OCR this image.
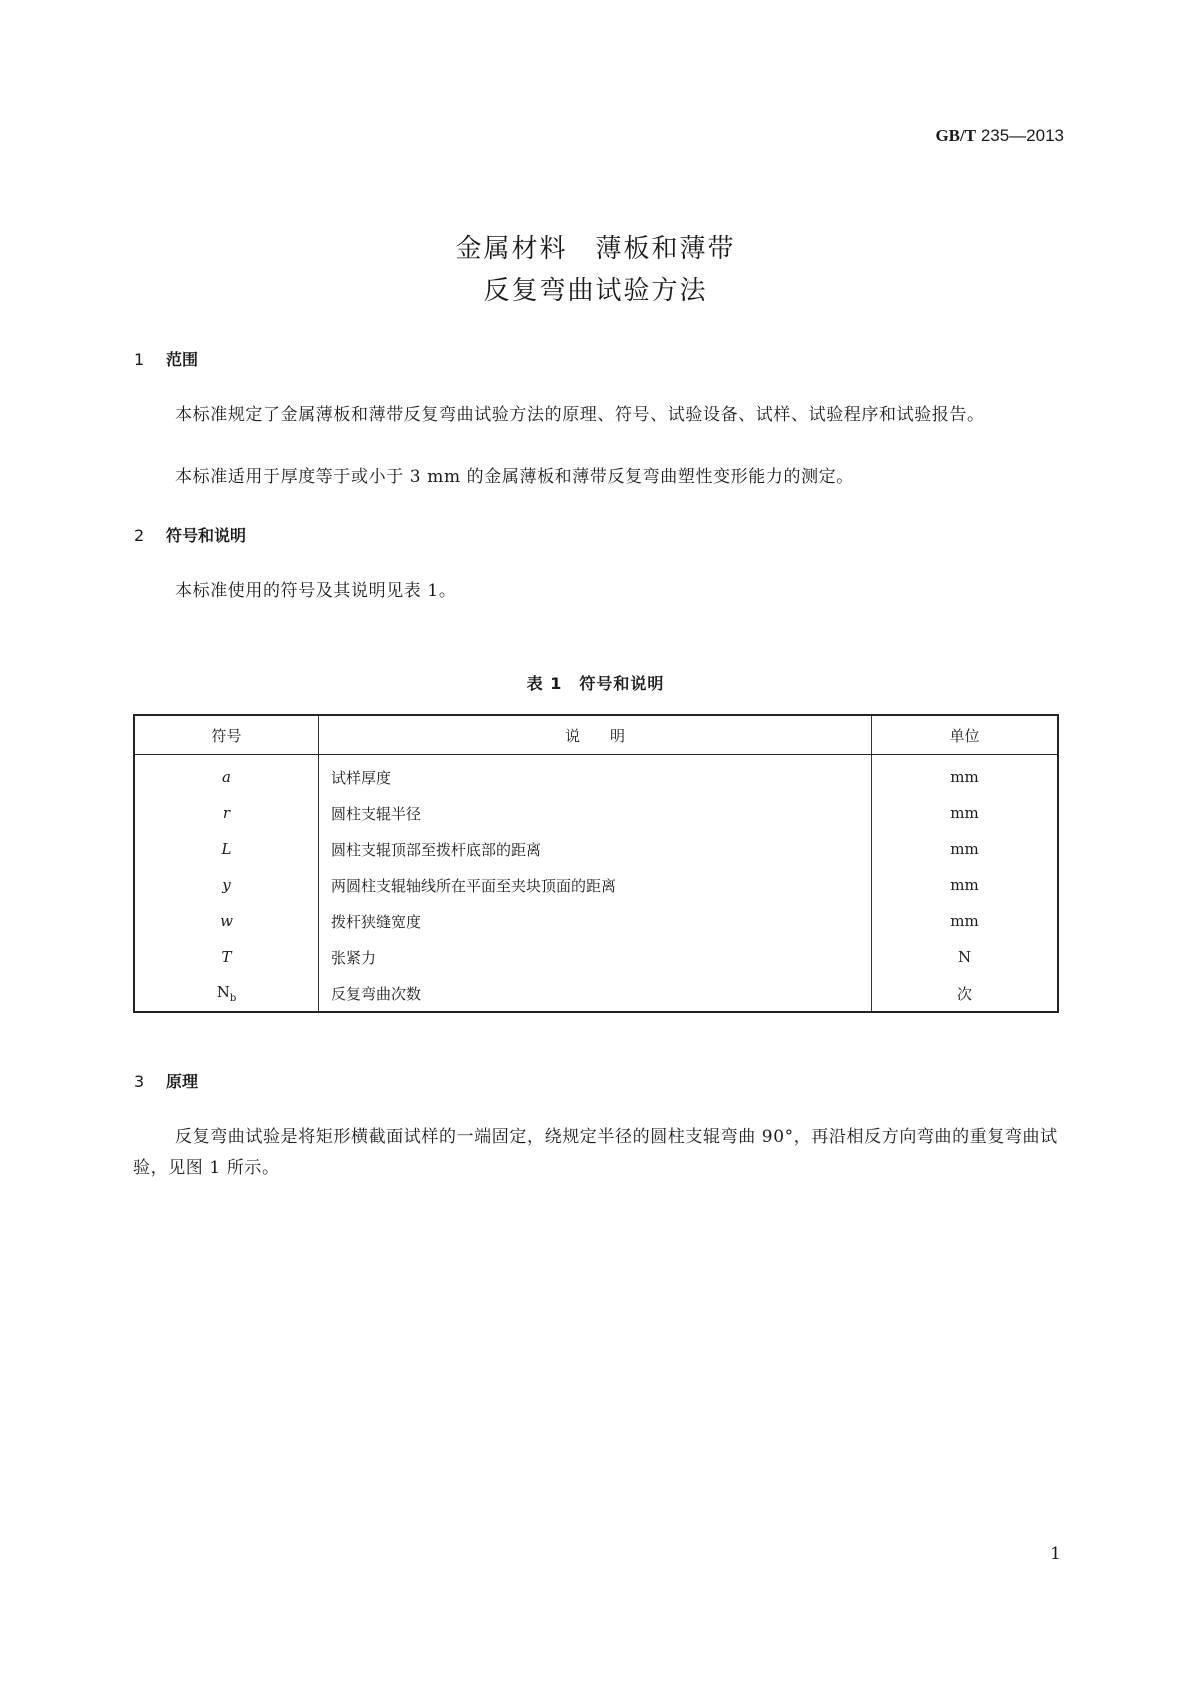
GB/T 235—2013
金属材料　薄板和薄带
反复弯曲试验方法
1 范围
本标准规定了金属薄板和薄带反复弯曲试验方法的原理、符号、试验设备、试样、试验程序和试验报告。
本标准适用于厚度等于或小于 3 mm 的金属薄板和薄带反复弯曲塑性变形能力的测定。
2 符号和说明
本标准使用的符号及其说明见表 1。
表 1　符号和说明
符号	说　　明	单位
a	试样厚度	mm
r	圆柱支辊半径	mm
L	圆柱支辊顶部至拨杆底部的距离	mm
y	两圆柱支辊轴线所在平面至夹块顶面的距离	mm
w	拨杆狭缝宽度	mm
T	张紧力	N
$N_b$	反复弯曲次数	次
3 原理
反复弯曲试验是将矩形横截面试样的一端固定，绕规定半径的圆柱支辊弯曲 90°，再沿相反方向弯曲的重复弯曲试验，见图 1 所示。
1
